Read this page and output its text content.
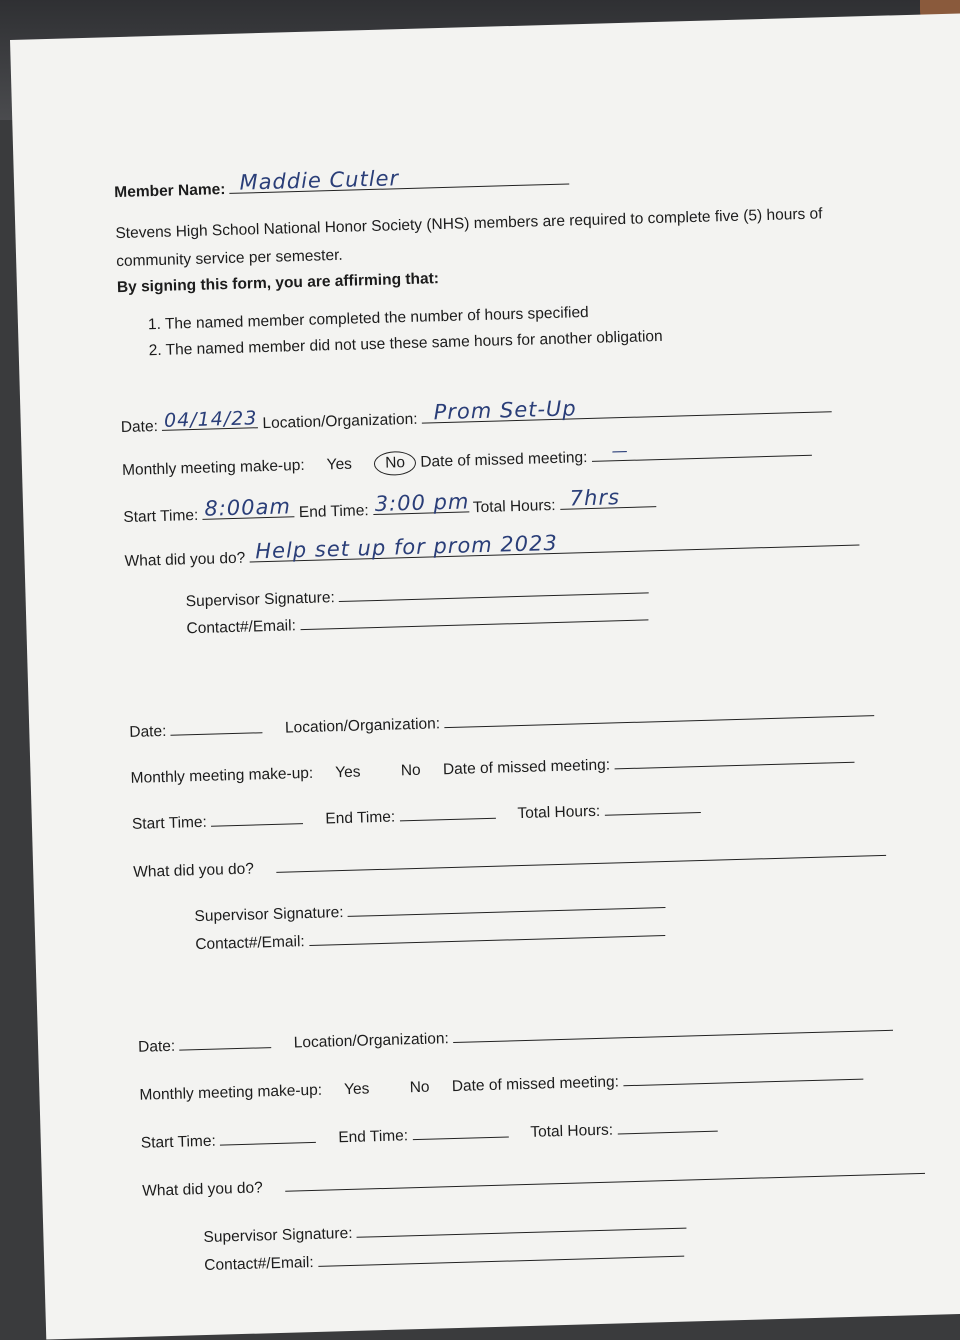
Member Name: Maddie Cutler
Stevens High School National Honor Society (NHS) members are required to complete five (5) hours of
community service per semester.
By signing this form, you are affirming that:
1. The named member completed the number of hours specified
2. The named member did not use these same hours for another obligation
Date: 04/14/23 Location/Organization: Prom Set-Up
Monthly meeting make-up: Yes No Date of missed meeting: —
Start Time: 8:00am End Time: 3:00 pm Total Hours: 7hrs
What did you do? Help set up for prom 2023
Supervisor Signature:
Contact#/Email:
Date:	Location/Organization:
Monthly meeting make-up: Yes	No Date of missed meeting:
Start Time:	End Time:	Total Hours:
What did you do?
Supervisor Signature:
Contact#/Email:
Date:	Location/Organization:
Monthly meeting make-up: Yes	No Date of missed meeting:
Start Time:	End Time:	Total Hours:
What did you do?
Supervisor Signature:
Contact#/Email:
